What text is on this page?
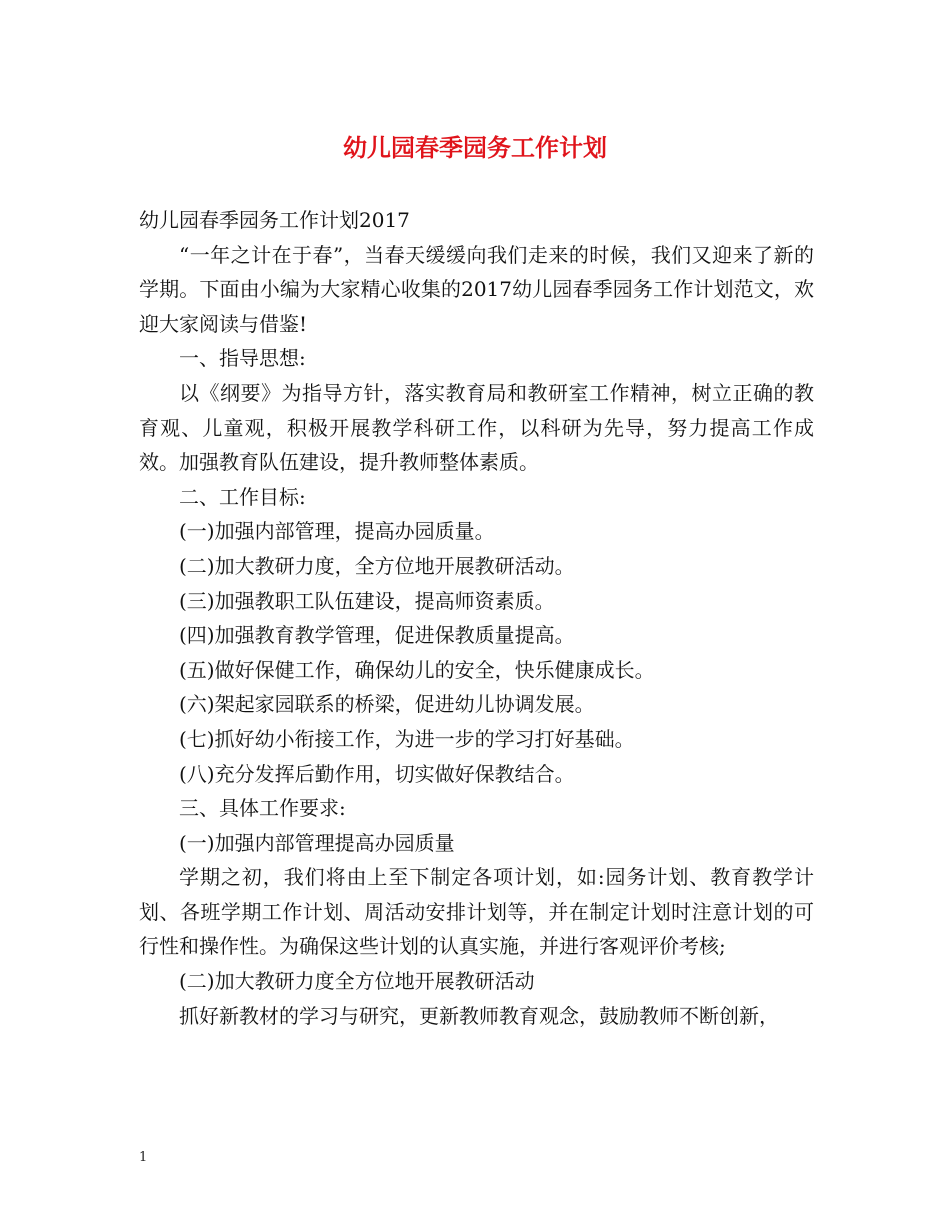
幼儿园春季园务工作计划

幼儿园春季园务工作计划2017

“一年之计在于春”，当春天缓缓向我们走来的时候，我们又迎来了新的学期。下面由小编为大家精心收集的2017幼儿园春季园务工作计划范文，欢迎大家阅读与借鉴!

一、指导思想:

以《纲要》为指导方针，落实教育局和教研室工作精神，树立正确的教育观、儿童观，积极开展教学科研工作，以科研为先导，努力提高工作成效。加强教育队伍建设，提升教师整体素质。

二、工作目标:

(一)加强内部管理，提高办园质量。

(二)加大教研力度，全方位地开展教研活动。

(三)加强教职工队伍建设，提高师资素质。

(四)加强教育教学管理，促进保教质量提高。

(五)做好保健工作，确保幼儿的安全，快乐健康成长。

(六)架起家园联系的桥梁，促进幼儿协调发展。

(七)抓好幼小衔接工作，为进一步的学习打好基础。

(八)充分发挥后勤作用，切实做好保教结合。

三、具体工作要求:

(一)加强内部管理提高办园质量

学期之初，我们将由上至下制定各项计划，如:园务计划、教育教学计划、各班学期工作计划、周活动安排计划等，并在制定计划时注意计划的可行性和操作性。为确保这些计划的认真实施，并进行客观评价考核;

(二)加大教研力度全方位地开展教研活动

抓好新教材的学习与研究，更新教师教育观念，鼓励教师不断创新，

1
